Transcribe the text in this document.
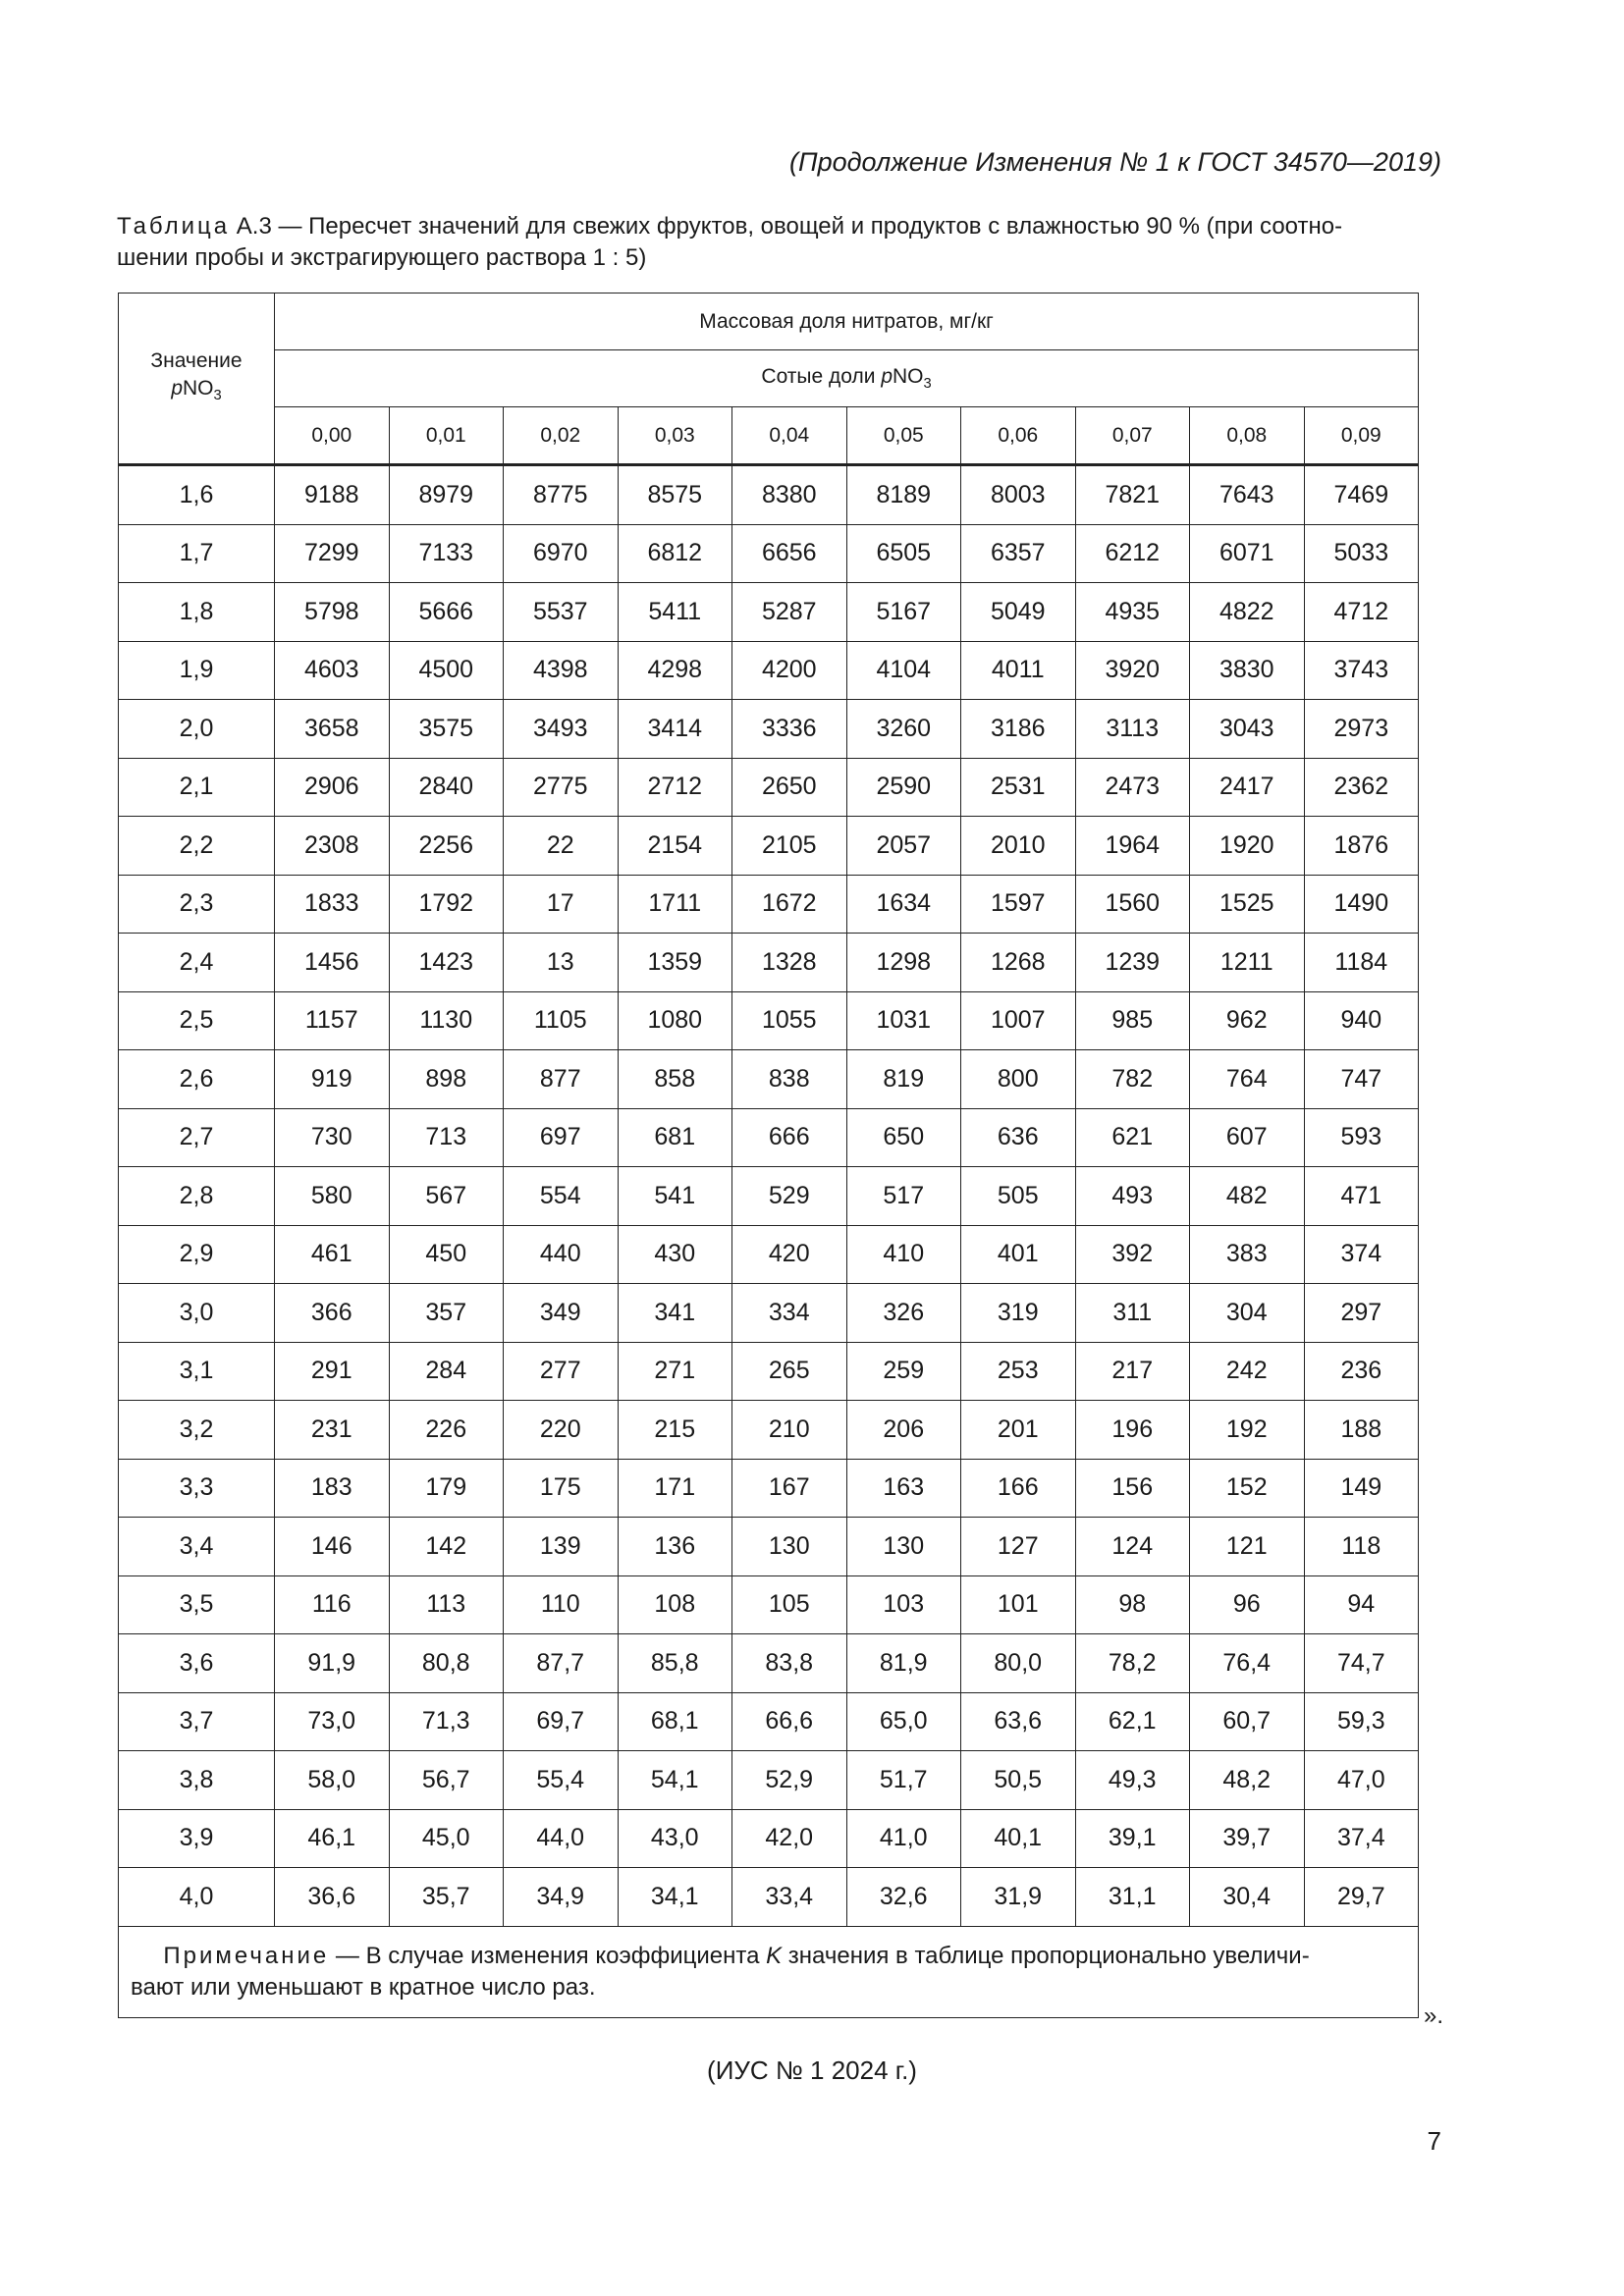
(Продолжение Изменения № 1 к ГОСТ 34570—2019)
Таблица А.3 — Пересчет значений для свежих фруктов, овощей и продуктов с влажностью 90 % (при соотно-
шении пробы и экстрагирующего раствора 1 : 5)
Значение
pNO$_3$	Массовая доля нитратов, мг/кг									
	Сотые доли pNO$_3$
	0,00	0,01	0,02	0,03	0,04	0,05	0,06	0,07	0,08	0,09
1,6	9188	8979	8775	8575	8380	8189	8003	7821	7643	7469
1,7	7299	7133	6970	6812	6656	6505	6357	6212	6071	5033
1,8	5798	5666	5537	5411	5287	5167	5049	4935	4822	4712
1,9	4603	4500	4398	4298	4200	4104	4011	3920	3830	3743
2,0	3658	3575	3493	3414	3336	3260	3186	3113	3043	2973
2,1	2906	2840	2775	2712	2650	2590	2531	2473	2417	2362
2,2	2308	2256	22	2154	2105	2057	2010	1964	1920	1876
2,3	1833	1792	17	1711	1672	1634	1597	1560	1525	1490
2,4	1456	1423	13	1359	1328	1298	1268	1239	1211	1184
2,5	1157	1130	1105	1080	1055	1031	1007	985	962	940
2,6	919	898	877	858	838	819	800	782	764	747
2,7	730	713	697	681	666	650	636	621	607	593
2,8	580	567	554	541	529	517	505	493	482	471
2,9	461	450	440	430	420	410	401	392	383	374
3,0	366	357	349	341	334	326	319	311	304	297
3,1	291	284	277	271	265	259	253	217	242	236
3,2	231	226	220	215	210	206	201	196	192	188
3,3	183	179	175	171	167	163	166	156	152	149
3,4	146	142	139	136	130	130	127	124	121	118
3,5	116	113	110	108	105	103	101	98	96	94
3,6	91,9	80,8	87,7	85,8	83,8	81,9	80,0	78,2	76,4	74,7
3,7	73,0	71,3	69,7	68,1	66,6	65,0	63,6	62,1	60,7	59,3
3,8	58,0	56,7	55,4	54,1	52,9	51,7	50,5	49,3	48,2	47,0
3,9	46,1	45,0	44,0	43,0	42,0	41,0	40,1	39,1	39,7	37,4
4,0	36,6	35,7	34,9	34,1	33,4	32,6	31,9	31,1	30,4	29,7
Примечание — В случае изменения коэффициента K значения в таблице пропорционально увеличи-
вают или уменьшают в кратное число раз.										
».
(ИУС № 1 2024 г.)
7
